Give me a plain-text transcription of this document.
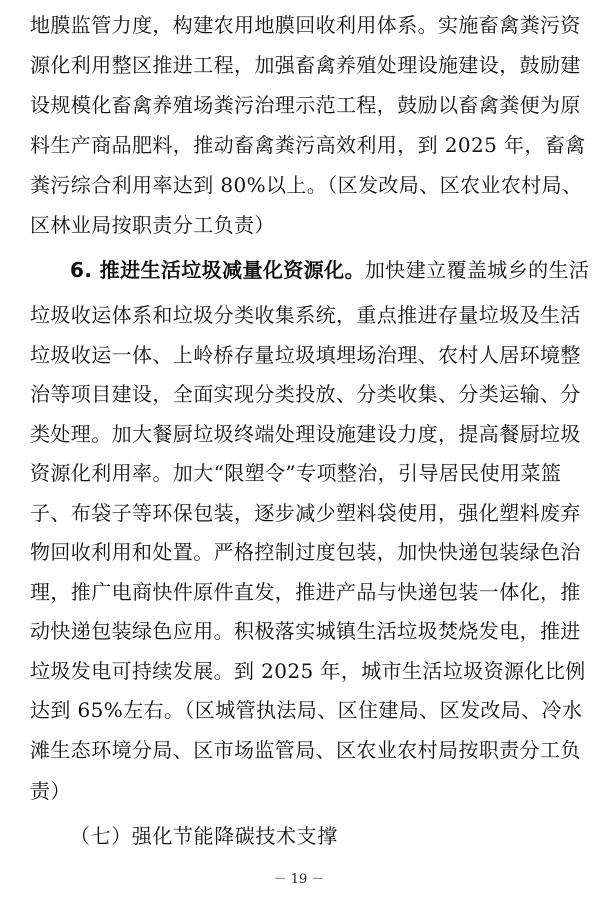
地膜监管力度，构建农用地膜回收利用体系。实施畜禽粪污资
源化利用整区推进工程，加强畜禽养殖处理设施建设，鼓励建
设规模化畜禽养殖场粪污治理示范工程，鼓励以畜禽粪便为原
料生产商品肥料，推动畜禽粪污高效利用，到 2025 年，畜禽
粪污综合利用率达到 80%以上。（区发改局、区农业农村局、
区林业局按职责分工负责）
6. 推进生活垃圾减量化资源化。加快建立覆盖城乡的生活
垃圾收运体系和垃圾分类收集系统，重点推进存量垃圾及生活
垃圾收运一体、上岭桥存量垃圾填埋场治理、农村人居环境整
治等项目建设，全面实现分类投放、分类收集、分类运输、分
类处理。加大餐厨垃圾终端处理设施建设力度，提高餐厨垃圾
资源化利用率。加大“限塑令”专项整治，引导居民使用菜篮
子、布袋子等环保包装，逐步减少塑料袋使用，强化塑料废弃
物回收利用和处置。严格控制过度包装，加快快递包装绿色治
理，推广电商快件原件直发，推进产品与快递包装一体化，推
动快递包装绿色应用。积极落实城镇生活垃圾焚烧发电，推进
垃圾发电可持续发展。到 2025 年，城市生活垃圾资源化比例
达到 65%左右。（区城管执法局、区住建局、区发改局、冷水
滩生态环境分局、区市场监管局、区农业农村局按职责分工负
责）
－ 19 －
（七）强化节能降碳技术支撑
